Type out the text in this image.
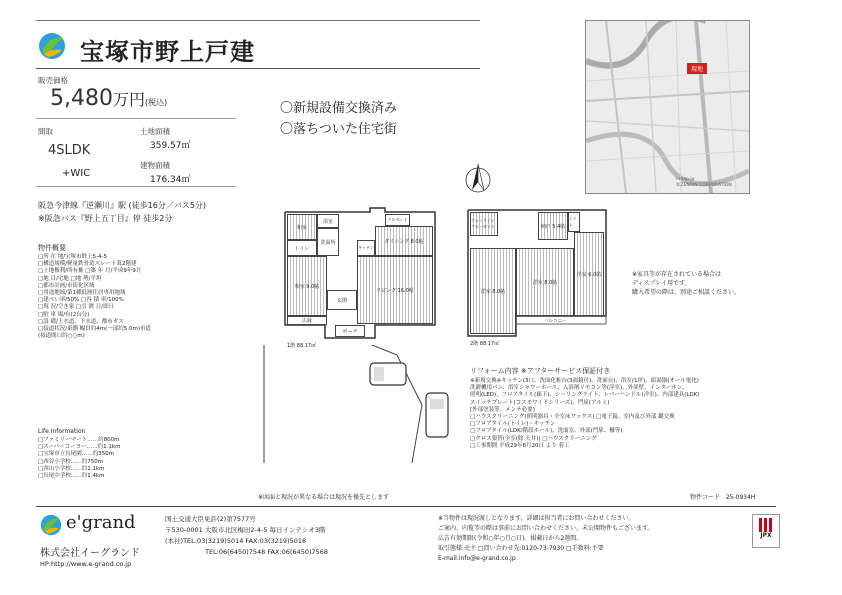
宝塚市野上戸建
販売価格
5,480万円(税込)
間取
4SLDK
+WIC
土地面積
359.57㎡
建物面積
176.34㎡
〇新規設備交換済み
〇落ちついた住宅街
阪急今津線『逆瀬川』駅 (徒歩16分／バス5分)
※阪急バス『野上五丁目』停 徒歩2分
物件概要
□所 在 地/宝塚市野上5-4-5
□構造規模/軽量鉄骨造スレート葺2階建
□土地権利/所有権 □築 年 月/平成9年9月
□地 目/宅地 □地 勢/平坦
□都市計画/市街化区域
□用途地域/第1種低層住居専用地域
□建ぺい率/50% □容 積 率/100%
□現 況/空き家 □引 渡 日/即日
□駐 車 場/有(2台分)
□設 備/上水道、下水道、都市ガス
□接道状況/東側 幅員約4m(一部約5.0m)市道
(接道間口約○○m)
Life Information
□ファミリーマート……約800m
□スーパーコーヨー……約1.1km
□宝塚市立長尾園……約350m
□西谷小学校……約750m
□西山小学校……約1.1km
□長尾中学校……約1.4km
現地
©ZENRIN CORPORATION
i-map.jp
和室
浴室
トイレ
洗面所
クロゼット
ダイニング 8.0帖
キッチン
和室 9.0帖
リビング 16.0帖
玄関
広縁
ポーチ
1階 88.17㎡
ウォークインクローゼット	納戸 5.4帖
トイレ
洋室 8.0帖
洋室 8.0帖
洋室 6.0帖
バルコニー
2階 88.17㎡
※家具等が存在されている場合は
ディスプレイ用です。
購入希望の際は、別途ご相談ください。
リフォーム内容 ※アフターサービス保証付き
※新規交換※キッチン(3口、洗面化粧台(3面鏡付)、洗面台)、浴室(1坪)、給湯器(オール電化)
洗濯機用パン、浴室シャワーホース、入浴剤リモコン等(洋室)、外部壁、インターホン、
照明(LED)、フロアタイル(廊下)、シーリングライト、レバーハンドル(洋室)、内部建具(LDK)
スイッチプレート(コスモワイドシリーズ)、門扉(アルミ)
[外部塗装等、メンテ必要]
□ハウスクリーニング(照明器具・全室床ワックス) □電子錠、室内及び外部 鍵交換
□フロアタイル(トイレ)・キッチン
□フロアタイル(LDK/階段ホール)、洗面室、外部(門扉、柵等)
□クロス張替(全室(除 天井)) □ハウスクリーニング
□工事期間 平成29年6月20日 より 着工
※図面と現況が異なる場合は現況を優先とします	物件コード 25-0934H
e'grand
株式会社イーグランド
HP:http://www.e-grand.co.jp
国土交通大臣免許(2)第7577号
〒530-0001 大阪市北区梅田2-4-5 毎日インテシオ3階
(本社)TEL:03(3219)5014 FAX:03(3219)5018
TEL:06(6450)7548 FAX:06(6450)7568
※当物件は現況渡しとなります。詳細は担当者にお問い合わせください。
ご案内、内覧等の際は事前にお問い合わせください。未公開物件もございます。
広告有効期限(令和○年○月○日)。掲載日から2週間。
取引態様:売主 □問い合わせ先:0120-73-7930 □手数料:不要
E-mail:info@e-grand.co.jp
JPX
